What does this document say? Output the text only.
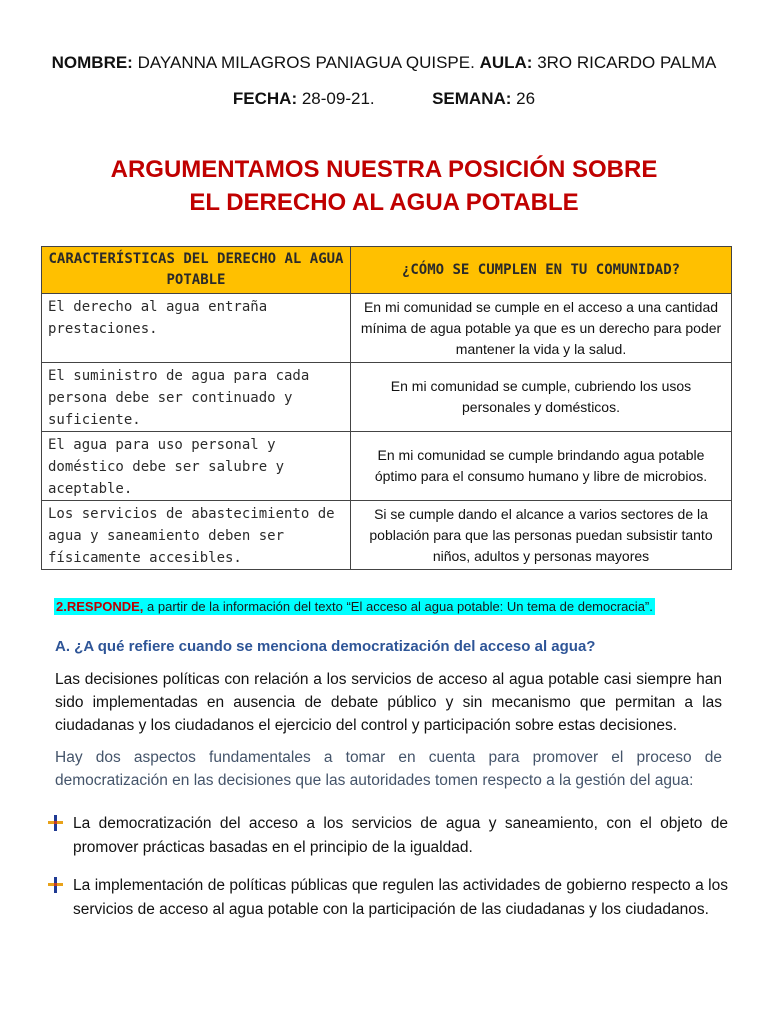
NOMBRE: DAYANNA MILAGROS PANIAGUA QUISPE. AULA: 3RO RICARDO PALMA
FECHA: 28-09-21.	SEMANA: 26
ARGUMENTAMOS NUESTRA POSICIÓN SOBRE
EL DERECHO AL AGUA POTABLE
CARACTERÍSTICAS DEL DERECHO AL AGUA POTABLE	¿CÓMO SE CUMPLEN EN TU COMUNIDAD?
El derecho al agua entraña prestaciones.	En mi comunidad se cumple en el acceso a una cantidad mínima de agua potable ya que es un derecho para poder mantener la vida y la salud.
El suministro de agua para cada persona debe ser continuado y suficiente.	En mi comunidad se cumple, cubriendo los usos personales y domésticos.
El agua para uso personal y doméstico debe ser salubre y aceptable.	En mi comunidad se cumple brindando agua potable óptimo para el consumo humano y libre de microbios.
Los servicios de abastecimiento de agua y saneamiento deben ser físicamente accesibles.	Si se cumple dando el alcance a varios sectores de la población para que las personas puedan subsistir tanto niños, adultos y personas mayores
2.RESPONDE, a partir de la información del texto “El acceso al agua potable: Un tema de democracia”.
A. ¿A qué refiere cuando se menciona democratización del acceso al agua?
Las decisiones políticas con relación a los servicios de acceso al agua potable casi siempre han sido implementadas en ausencia de debate público y sin mecanismo que permitan a las ciudadanas y los ciudadanos el ejercicio del control y participación sobre estas decisiones.
Hay dos aspectos fundamentales a tomar en cuenta para promover el proceso de democratización en las decisiones que las autoridades tomen respecto a la gestión del agua:
La democratización del acceso a los servicios de agua y saneamiento, con el objeto de promover prácticas basadas en el principio de la igualdad.
La implementación de políticas públicas que regulen las actividades de gobierno respecto a los servicios de acceso al agua potable con la participación de las ciudadanas y los ciudadanos.
